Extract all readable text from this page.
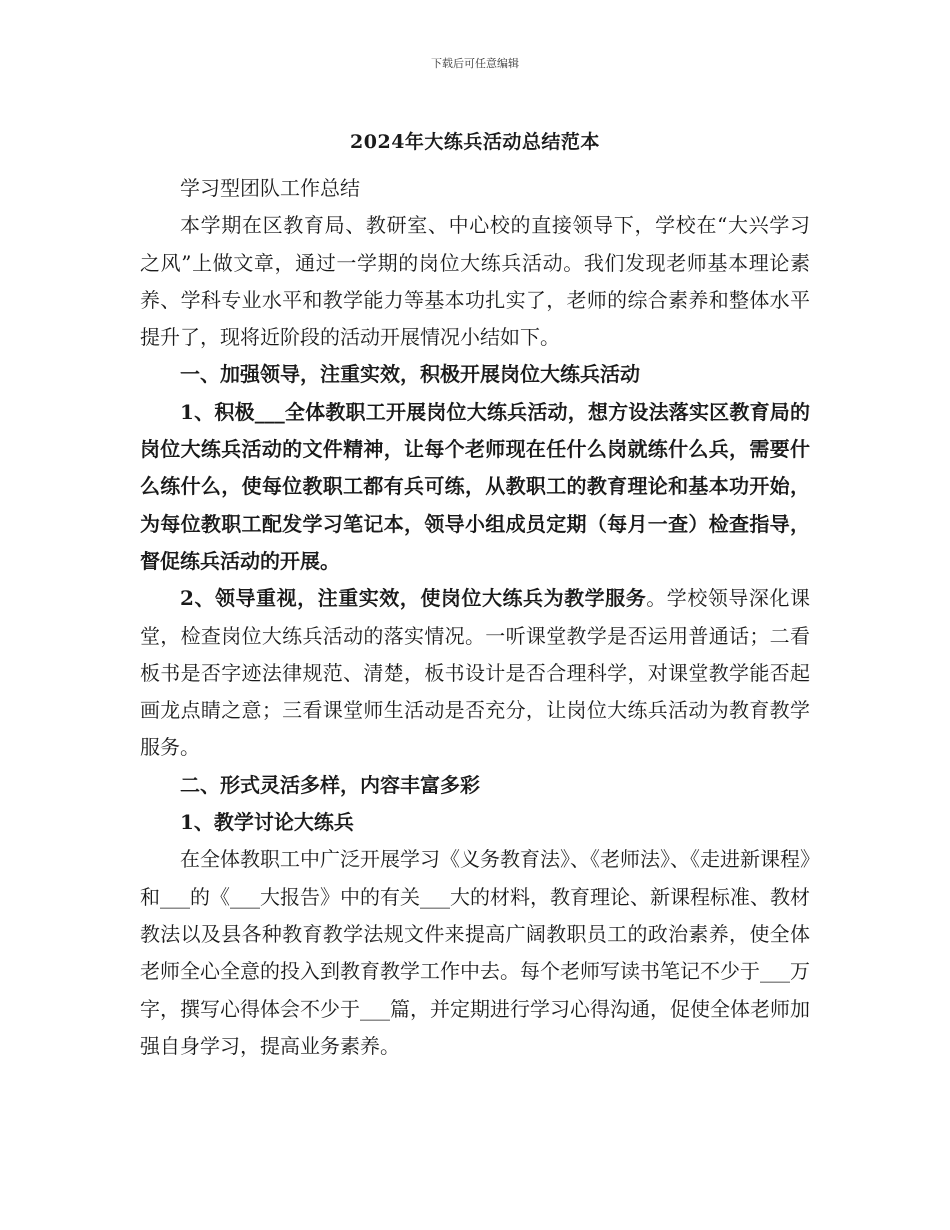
下载后可任意编辑
2024年大练兵活动总结范本

学习型团队工作总结

本学期在区教育局、教研室、中心校的直接领导下，学校在“大兴学习之风”上做文章，通过一学期的岗位大练兵活动。我们发现老师基本理论素养、学科专业水平和教学能力等基本功扎实了，老师的综合素养和整体水平提升了，现将近阶段的活动开展情况小结如下。

一、加强领导，注重实效，积极开展岗位大练兵活动

1、积极___全体教职工开展岗位大练兵活动，想方设法落实区教育局的岗位大练兵活动的文件精神，让每个老师现在任什么岗就练什么兵，需要什么练什么，使每位教职工都有兵可练，从教职工的教育理论和基本功开始，为每位教职工配发学习笔记本，领导小组成员定期（每月一查）检查指导，督促练兵活动的开展。

2、领导重视，注重实效，使岗位大练兵为教学服务。学校领导深化课堂，检查岗位大练兵活动的落实情况。一听课堂教学是否运用普通话；二看板书是否字迹法律规范、清楚，板书设计是否合理科学，对课堂教学能否起画龙点睛之意；三看课堂师生活动是否充分，让岗位大练兵活动为教育教学服务。

二、形式灵活多样，内容丰富多彩

1、教学讨论大练兵

在全体教职工中广泛开展学习《义务教育法》、《老师法》、《走进新课程》和___的《___大报告》中的有关___大的材料，教育理论、新课程标准、教材教法以及县各种教育教学法规文件来提高广阔教职员工的政治素养，使全体老师全心全意的投入到教育教学工作中去。每个老师写读书笔记不少于___万字，撰写心得体会不少于___篇，并定期进行学习心得沟通，促使全体老师加强自身学习，提高业务素养。
